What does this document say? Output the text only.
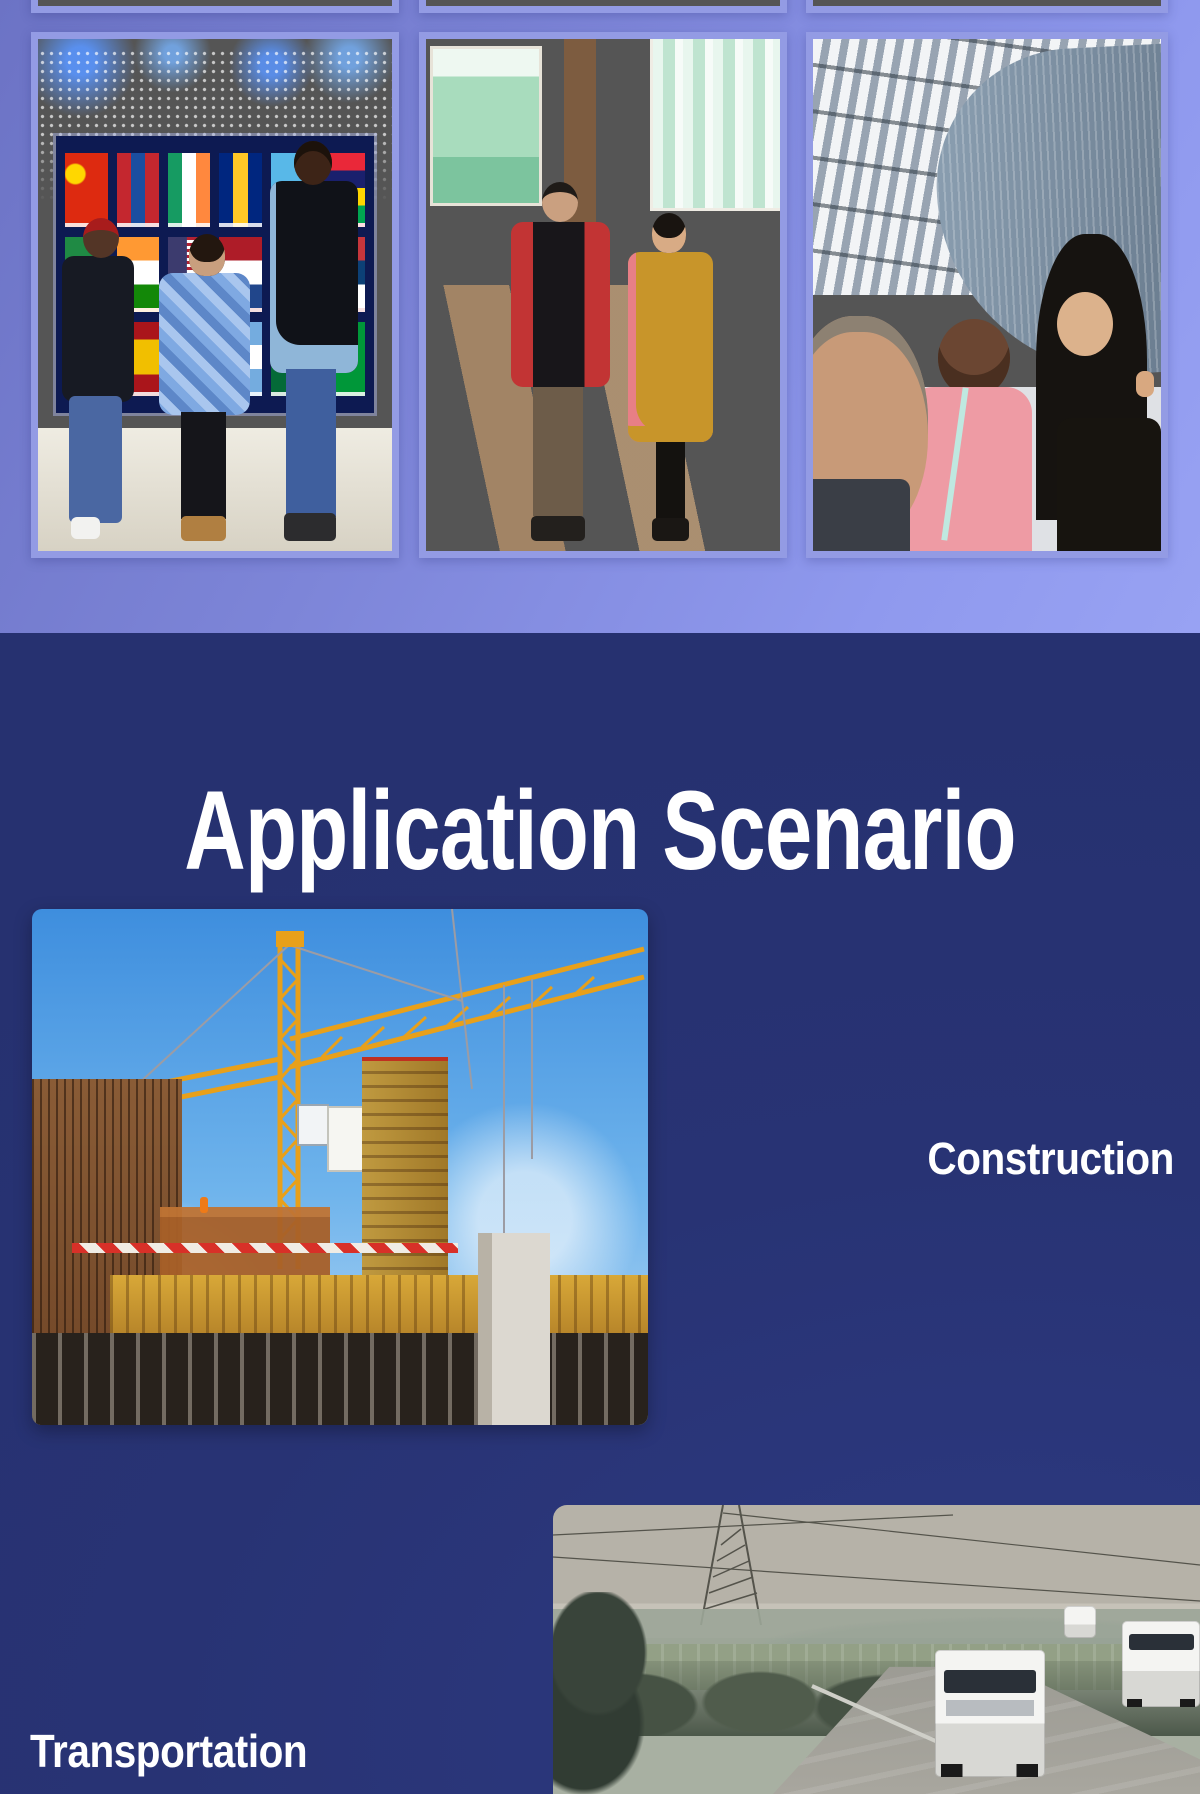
Application Scenario

Construction

Transportation
